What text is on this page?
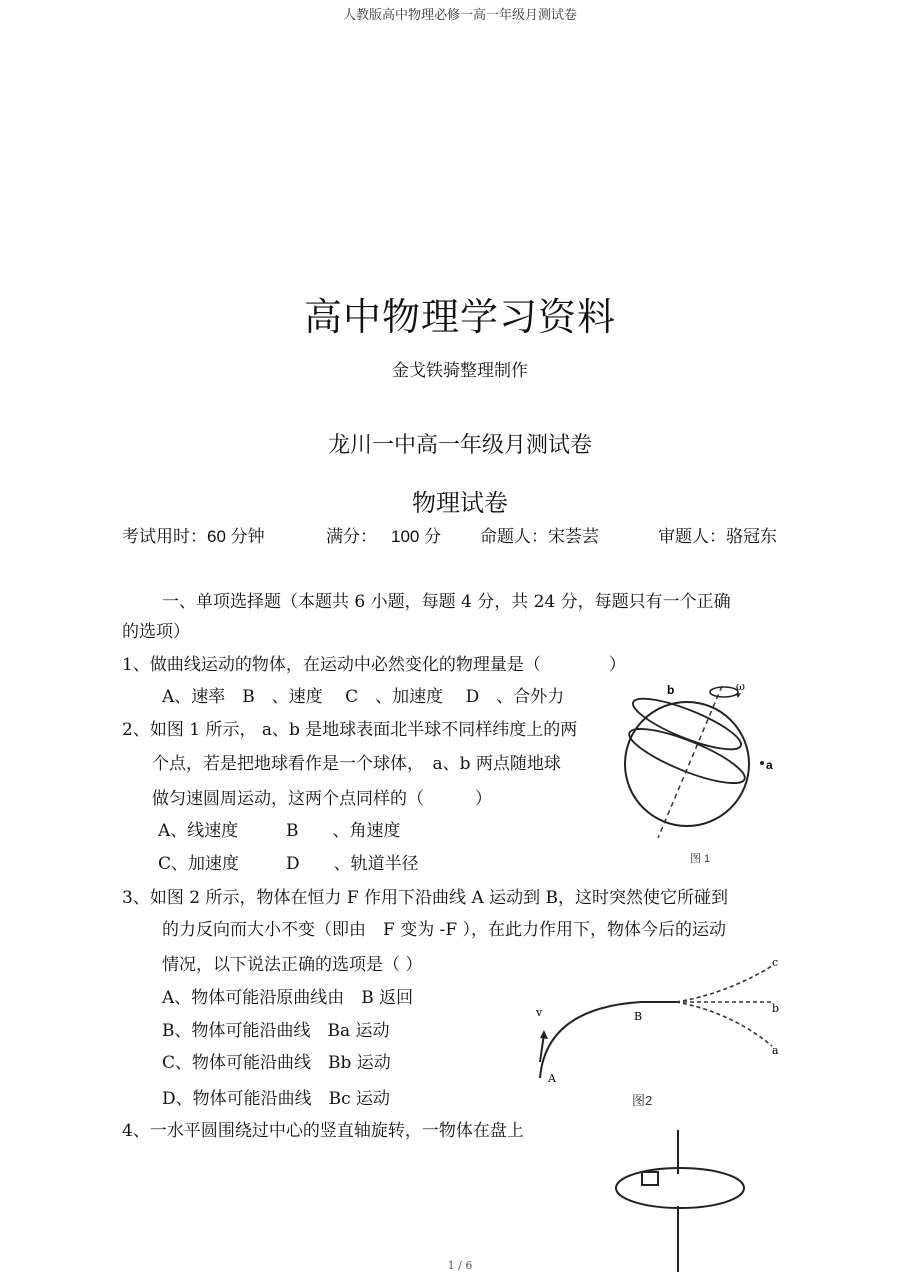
人教版高中物理必修一高一年级月测试卷
高中物理学习资料
金戈铁骑整理制作
龙川一中高一年级月测试卷
物理试卷
考试用时：60 分钟	满分： 100 分 命题人：宋荟芸	审题人：骆冠东
一、单项选择题（本题共 6 小题，每题 4 分，共 24 分，每题只有一个正确
的选项）
1、做曲线运动的物体，在运动中必然变化的物理量是（　　　　）
A、速率　B　、速度　 C　、加速度　 D　、合外力
2、如图 1 所示， a、b 是地球表面北半球不同样纬度上的两
个点，若是把地球看作是一个球体，　a、b 两点随地球
做匀速圆周运动，这两个点同样的（　　　）
A、线速度	B　　、角速度
C、加速度	D　　、轨道半径
b
a
ω
图 1
3、如图 2 所示，物体在恒力 F 作用下沿曲线 A 运动到 B，这时突然使它所碰到
的力反向而大小不变（即由　F 变为 -F ），在此力作用下，物体今后的运动
情况，以下说法正确的选项是（ ）
A、物体可能沿原曲线由　B 返回
B、物体可能沿曲线　Ba 运动
C、物体可能沿曲线　Bb 运动
D、物体可能沿曲线　Bc 运动
v
A
B
c
b
a
图2
4、一水平圆围绕过中心的竖直轴旋转，一物体在盘上
1 / 6
